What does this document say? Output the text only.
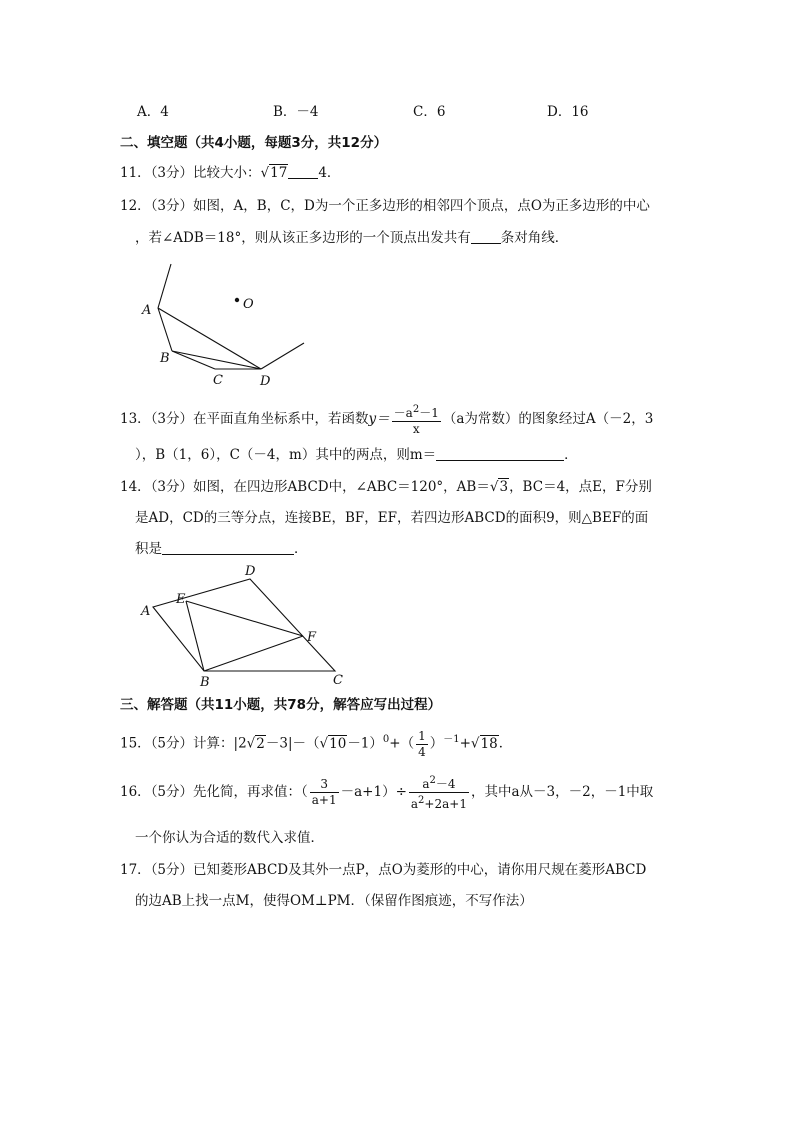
A．4	B．－4	C．6	D．16
二、填空题（共4小题，每题3分，共12分）
11．（3分）比较大小：√17 4．
12．（3分）如图，A，B，C，D为一个正多边形的相邻四个顶点，点O为正多边形的中心
，若∠ADB＝18°，则从该正多边形的一个顶点出发共有 条对角线．
A
B
C	D
O
13．（3分）在平面直角坐标系中，若函数$y= \frac{-a^2-1}{x} (a$为常数）的图象经过A（－2，3
），B（1，6），C（－4，m）其中的两点，则m＝	．
14．（3分）如图，在四边形ABCD中，∠ABC＝120°，AB＝√3，BC＝4，点E，F分别
是AD，CD的三等分点，连接BE，BF，EF，若四边形ABCD的面积9，则△BEF的面
积是	．
A
B	C
D
E
F
三、解答题（共11小题，共78分，解答应写出过程）
15．（5分）计算：$|2√2-3|-(√10-1)^0+( \frac{1}{4} )^{-1}+√18$．
16．（5分）先化简，再求值：（ $\frac{3}{a+1} -a+1)\div \frac{a^2-4}{a^2+2a+1}$ ，其中a从－3，－2，－1中取
一个你认为合适的数代入求值．
17．（5分）已知菱形ABCD及其外一点P，点O为菱形的中心，请你用尺规在菱形ABCD
的边AB上找一点M，使得OM⊥PM．（保留作图痕迹，不写作法）
